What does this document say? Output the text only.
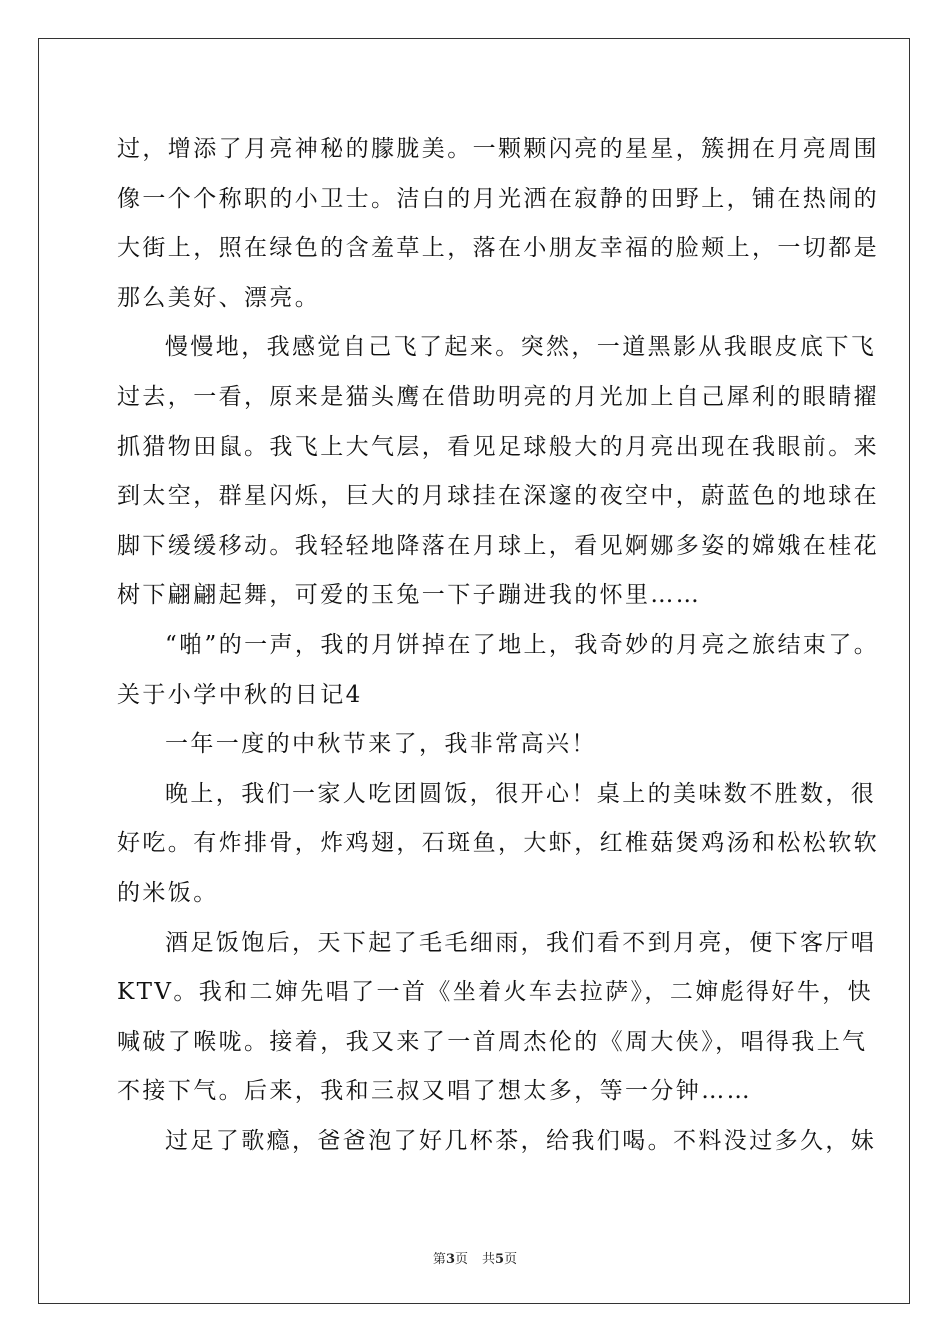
过，增添了月亮神秘的朦胧美。一颗颗闪亮的星星，簇拥在月亮周围
像一个个称职的小卫士。洁白的月光洒在寂静的田野上，铺在热闹的
大街上，照在绿色的含羞草上，落在小朋友幸福的脸颊上，一切都是
那么美好、漂亮。
慢慢地，我感觉自己飞了起来。突然，一道黑影从我眼皮底下飞
过去，一看，原来是猫头鹰在借助明亮的月光加上自己犀利的眼睛擢
抓猎物田鼠。我飞上大气层，看见足球般大的月亮出现在我眼前。来
到太空，群星闪烁，巨大的月球挂在深邃的夜空中，蔚蓝色的地球在
脚下缓缓移动。我轻轻地降落在月球上，看见婀娜多姿的嫦娥在桂花
树下翩翩起舞，可爱的玉兔一下子蹦进我的怀里……
“啪”的一声，我的月饼掉在了地上，我奇妙的月亮之旅结束了。
关于小学中秋的日记4
一年一度的中秋节来了，我非常高兴！
晚上，我们一家人吃团圆饭，很开心！桌上的美味数不胜数，很
好吃。有炸排骨，炸鸡翅，石斑鱼，大虾，红椎菇煲鸡汤和松松软软
的米饭。
酒足饭饱后，天下起了毛毛细雨，我们看不到月亮，便下客厅唱
KTV。我和二婶先唱了一首《坐着火车去拉萨》，二婶彪得好牛，快
喊破了喉咙。接着，我又来了一首周杰伦的《周大侠》，唱得我上气
不接下气。后来，我和三叔又唱了想太多，等一分钟……
过足了歌瘾，爸爸泡了好几杯茶，给我们喝。不料没过多久，妹
第3页 共5页
